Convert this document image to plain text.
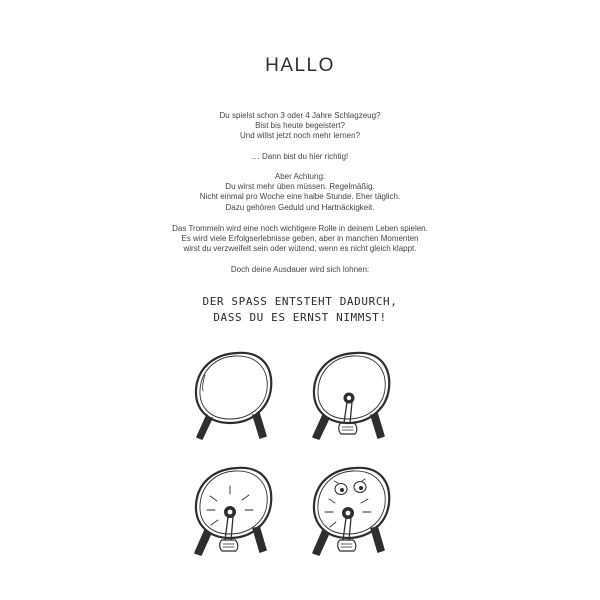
HALLO
Du spielst schon 3 oder 4 Jahre Schlagzeug?
Bist bis heute begeistert?
Und willst jetzt noch mehr lernen?
… Dann bist du hier richtig!
Aber Achtung:
Du wirst mehr üben müssen. Regelmäßig.
Nicht einmal pro Woche eine halbe Stunde. Eher täglich.
Dazu gehören Geduld und Hartnäckigkeit.
Das Trommeln wird eine noch wichtigere Rolle in deinem Leben spielen.
Es wird viele Erfolgserlebnisse geben, aber in manchen Momenten
wirst du verzweifelt sein oder wütend, wenn es nicht gleich klappt.
Doch deine Ausdauer wird sich lohnen:
DER SPASS ENTSTEHT DADURCH,
DASS DU ES ERNST NIMMST!
